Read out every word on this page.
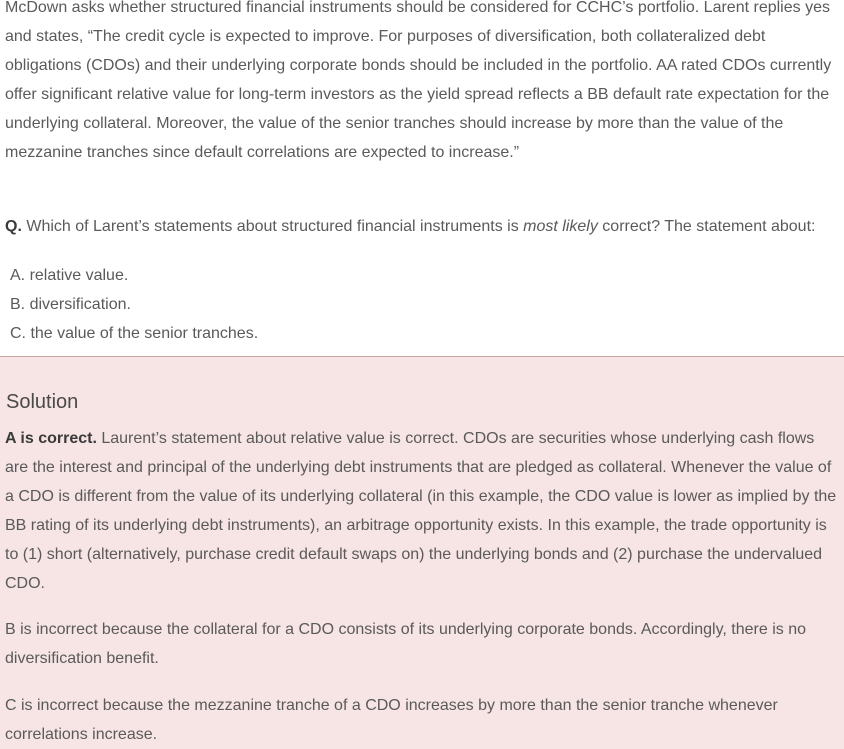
McDown asks whether structured financial instruments should be considered for CCHC’s portfolio. Larent replies yes and states, “The credit cycle is expected to improve. For purposes of diversification, both collateralized debt obligations (CDOs) and their underlying corporate bonds should be included in the portfolio. AA rated CDOs currently offer significant relative value for long-term investors as the yield spread reflects a BB default rate expectation for the underlying collateral. Moreover, the value of the senior tranches should increase by more than the value of the mezzanine tranches since default correlations are expected to increase.”

Q. Which of Larent’s statements about structured financial instruments is most likely correct? The statement about:

A. relative value.
B. diversification.
C. the value of the senior tranches.
Solution

A is correct. Laurent’s statement about relative value is correct. CDOs are securities whose underlying cash flows are the interest and principal of the underlying debt instruments that are pledged as collateral. Whenever the value of a CDO is different from the value of its underlying collateral (in this example, the CDO value is lower as implied by the BB rating of its underlying debt instruments), an arbitrage opportunity exists. In this example, the trade opportunity is to (1) short (alternatively, purchase credit default swaps on) the underlying bonds and (2) purchase the undervalued CDO.

B is incorrect because the collateral for a CDO consists of its underlying corporate bonds. Accordingly, there is no diversification benefit.

C is incorrect because the mezzanine tranche of a CDO increases by more than the senior tranche whenever correlations increase.
